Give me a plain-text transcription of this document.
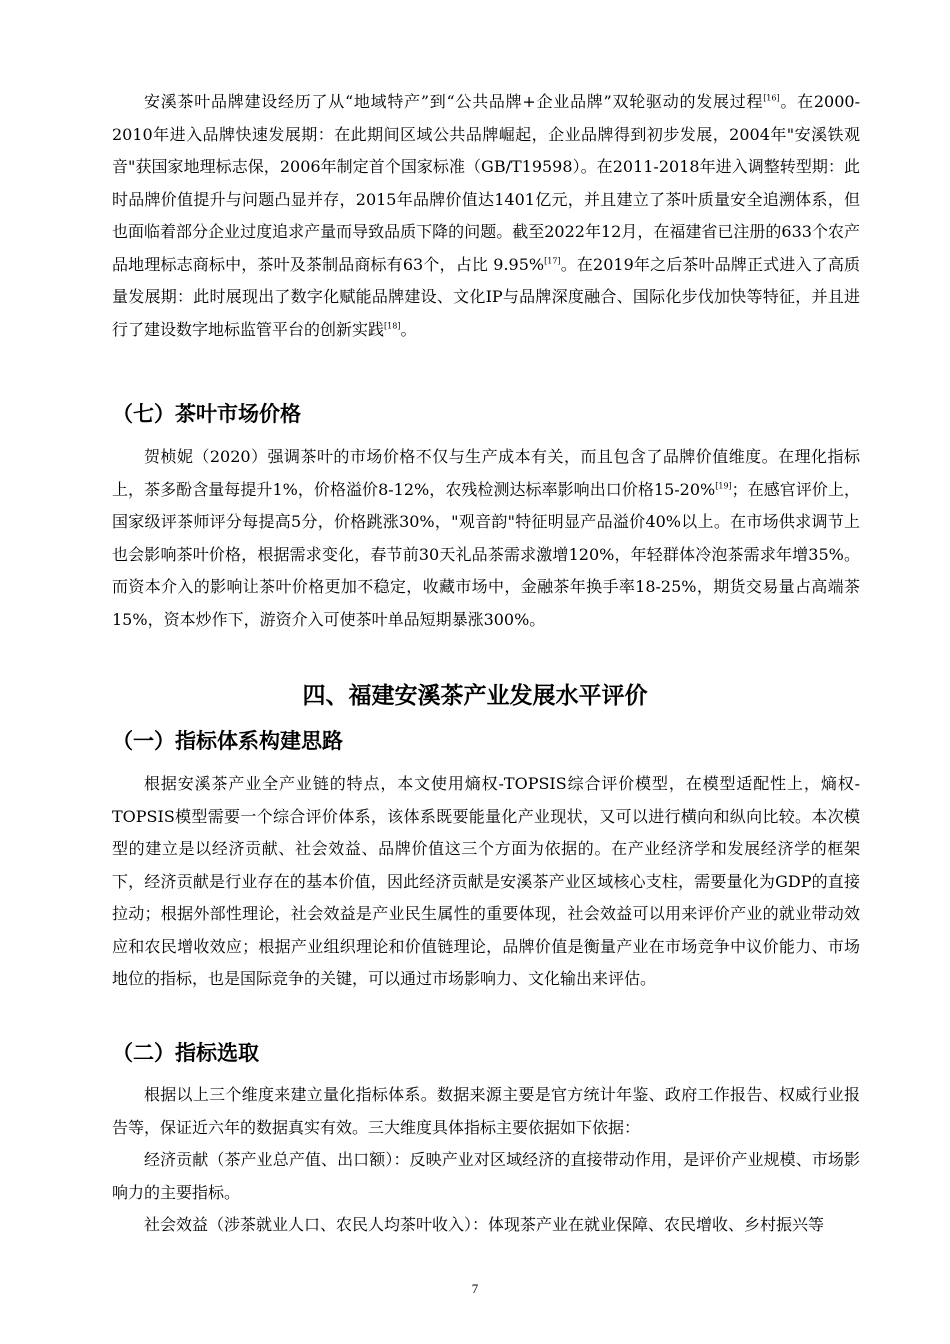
安溪茶叶品牌建设经历了从“地域特产”到“公共品牌+企业品牌”双轮驱动的发展过程[16]。在2000-2010年进入品牌快速发展期：在此期间区域公共品牌崛起，企业品牌得到初步发展，2004年"安溪铁观音"获国家地理标志保，2006年制定首个国家标准（GB/T19598）。在2011-2018年进入调整转型期：此时品牌价值提升与问题凸显并存，2015年品牌价值达1401亿元，并且建立了茶叶质量安全追溯体系，但也面临着部分企业过度追求产量而导致品质下降的问题。截至2022年12月，在福建省已注册的633个农产品地理标志商标中，茶叶及茶制品商标有63个，占比 9.95%[17]。在2019年之后茶叶品牌正式进入了高质量发展期：此时展现出了数字化赋能品牌建设、文化IP与品牌深度融合、国际化步伐加快等特征，并且进行了建设数字地标监管平台的创新实践[18]。

（七）茶叶市场价格

贺桢妮（2020）强调茶叶的市场价格不仅与生产成本有关，而且包含了品牌价值维度。在理化指标上，茶多酚含量每提升1%，价格溢价8-12%，农残检测达标率影响出口价格15-20%[19]；在感官评价上，国家级评茶师评分每提高5分，价格跳涨30%，"观音韵"特征明显产品溢价40%以上。在市场供求调节上也会影响茶叶价格，根据需求变化，春节前30天礼品茶需求激增120%，年轻群体冷泡茶需求年增35%。而资本介入的影响让茶叶价格更加不稳定，收藏市场中，金融茶年换手率18-25%，期货交易量占高端茶15%，资本炒作下，游资介入可使茶叶单品短期暴涨300%。

四、福建安溪茶产业发展水平评价
（一）指标体系构建思路

根据安溪茶产业全产业链的特点，本文使用熵权-TOPSIS综合评价模型，在模型适配性上，熵权-TOPSIS模型需要一个综合评价体系，该体系既要能量化产业现状，又可以进行横向和纵向比较。本次模型的建立是以经济贡献、社会效益、品牌价值这三个方面为依据的。在产业经济学和发展经济学的框架下，经济贡献是行业存在的基本价值，因此经济贡献是安溪茶产业区域核心支柱，需要量化为GDP的直接拉动；根据外部性理论，社会效益是产业民生属性的重要体现，社会效益可以用来评价产业的就业带动效应和农民增收效应；根据产业组织理论和价值链理论，品牌价值是衡量产业在市场竞争中议价能力、市场地位的指标，也是国际竞争的关键，可以通过市场影响力、文化输出来评估。

（二）指标选取

根据以上三个维度来建立量化指标体系。数据来源主要是官方统计年鉴、政府工作报告、权威行业报告等，保证近六年的数据真实有效。三大维度具体指标主要依据如下依据：

经济贡献（茶产业总产值、出口额）：反映产业对区域经济的直接带动作用，是评价产业规模、市场影响力的主要指标。

社会效益（涉茶就业人口、农民人均茶叶收入）：体现茶产业在就业保障、农民增收、乡村振兴等

7
